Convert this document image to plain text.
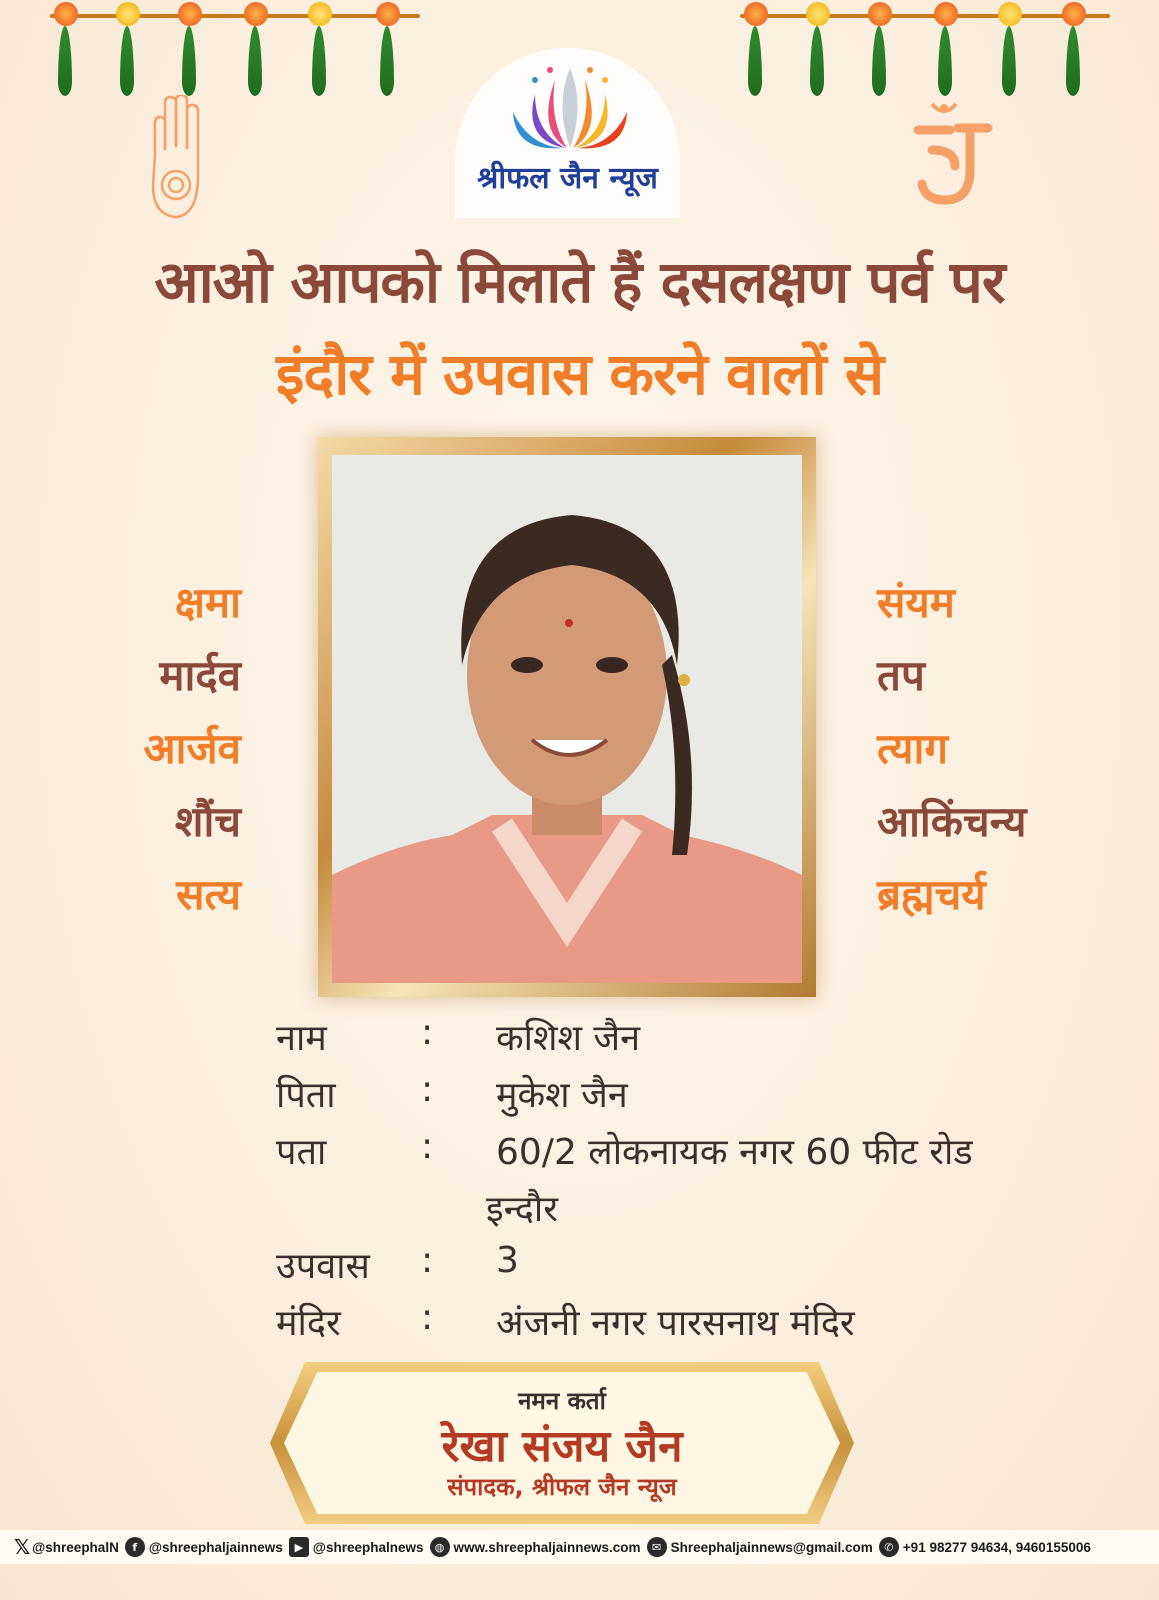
श्रीफल जैन न्यूज
आओ आपको मिलाते हैं दसलक्षण पर्व पर
इंदौर में उपवास करने वालों से
क्षमा
मार्दव
आर्जव
शौंच
सत्य
संयम
तप
त्याग
आकिंचन्य
ब्रह्मचर्य
नाम	: कशिश जैन
पिता : मुकेश जैन
पता	: 60/2 लोकनायक नगर 60 फीट रोड
इन्दौर
उपवास : 3
मंदिर : अंजनी नगर पारसनाथ मंदिर
नमन कर्ता
रेखा संजय जैन
संपादक, श्रीफल जैन न्यूज
𝕏 @shreephalN	f @shreephaljainnews	▶ @shreephalnews	◍ www.shreephaljainnews.com	✉ Shreephaljainnews@gmail.com	✆ +91 98277 94634, 9460155006
